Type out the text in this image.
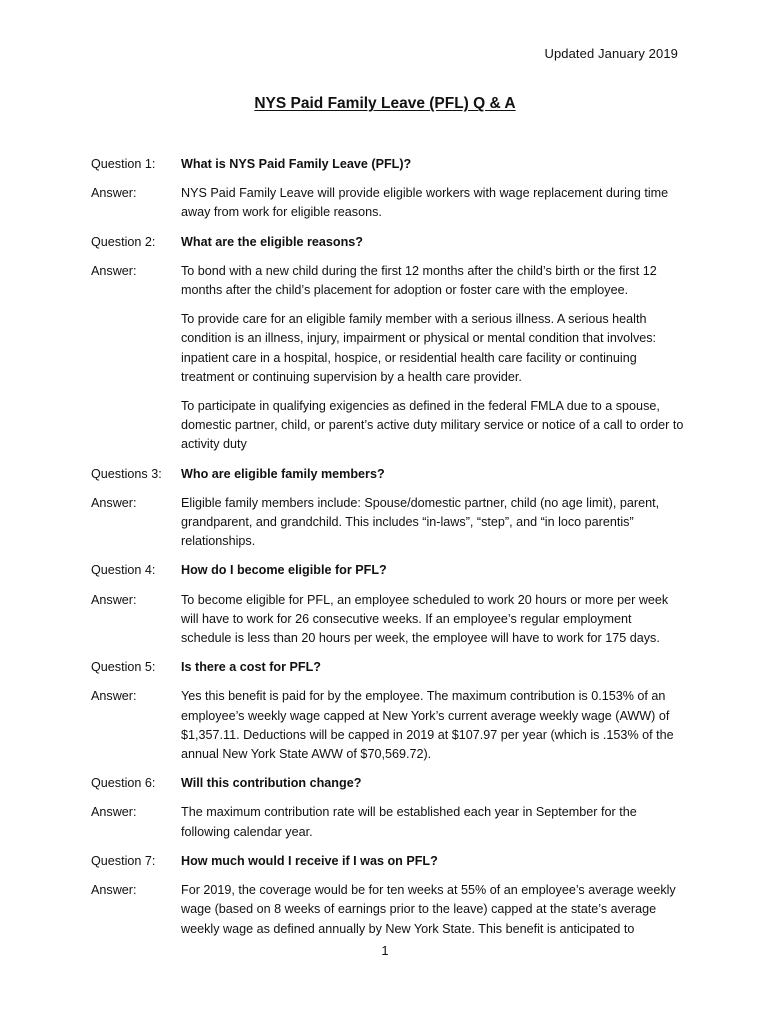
Updated January 2019
NYS Paid Family Leave (PFL) Q & A
Question 1:	What is NYS Paid Family Leave (PFL)?
Answer:	NYS Paid Family Leave will provide eligible workers with wage replacement during time away from work for eligible reasons.
Question 2:	What are the eligible reasons?
Answer:	To bond with a new child during the first 12 months after the child’s birth or the first 12 months after the child’s placement for adoption or foster care with the employee.
To provide care for an eligible family member with a serious illness. A serious health condition is an illness, injury, impairment or physical or mental condition that involves: inpatient care in a hospital, hospice, or residential health care facility or continuing treatment or continuing supervision by a health care provider.
To participate in qualifying exigencies as defined in the federal FMLA due to a spouse, domestic partner, child, or parent’s active duty military service or notice of a call to order to activity duty
Questions 3:	Who are eligible family members?
Answer:	Eligible family members include: Spouse/domestic partner, child (no age limit), parent, grandparent, and grandchild. This includes “in-laws”, “step”, and “in loco parentis” relationships.
Question 4:	How do I become eligible for PFL?
Answer:	To become eligible for PFL, an employee scheduled to work 20 hours or more per week will have to work for 26 consecutive weeks. If an employee’s regular employment schedule is less than 20 hours per week, the employee will have to work for 175 days.
Question 5:	Is there a cost for PFL?
Answer:	Yes this benefit is paid for by the employee. The maximum contribution is 0.153% of an employee’s weekly wage capped at New York’s current average weekly wage (AWW) of $1,357.11. Deductions will be capped in 2019 at $107.97 per year (which is .153% of the annual New York State AWW of $70,569.72).
Question 6:	Will this contribution change?
Answer:	The maximum contribution rate will be established each year in September for the following calendar year.
Question 7:	How much would I receive if I was on PFL?
Answer:	For 2019, the coverage would be for ten weeks at 55% of an employee’s average weekly wage (based on 8 weeks of earnings prior to the leave) capped at the state’s average weekly wage as defined annually by New York State. This benefit is anticipated to
1
